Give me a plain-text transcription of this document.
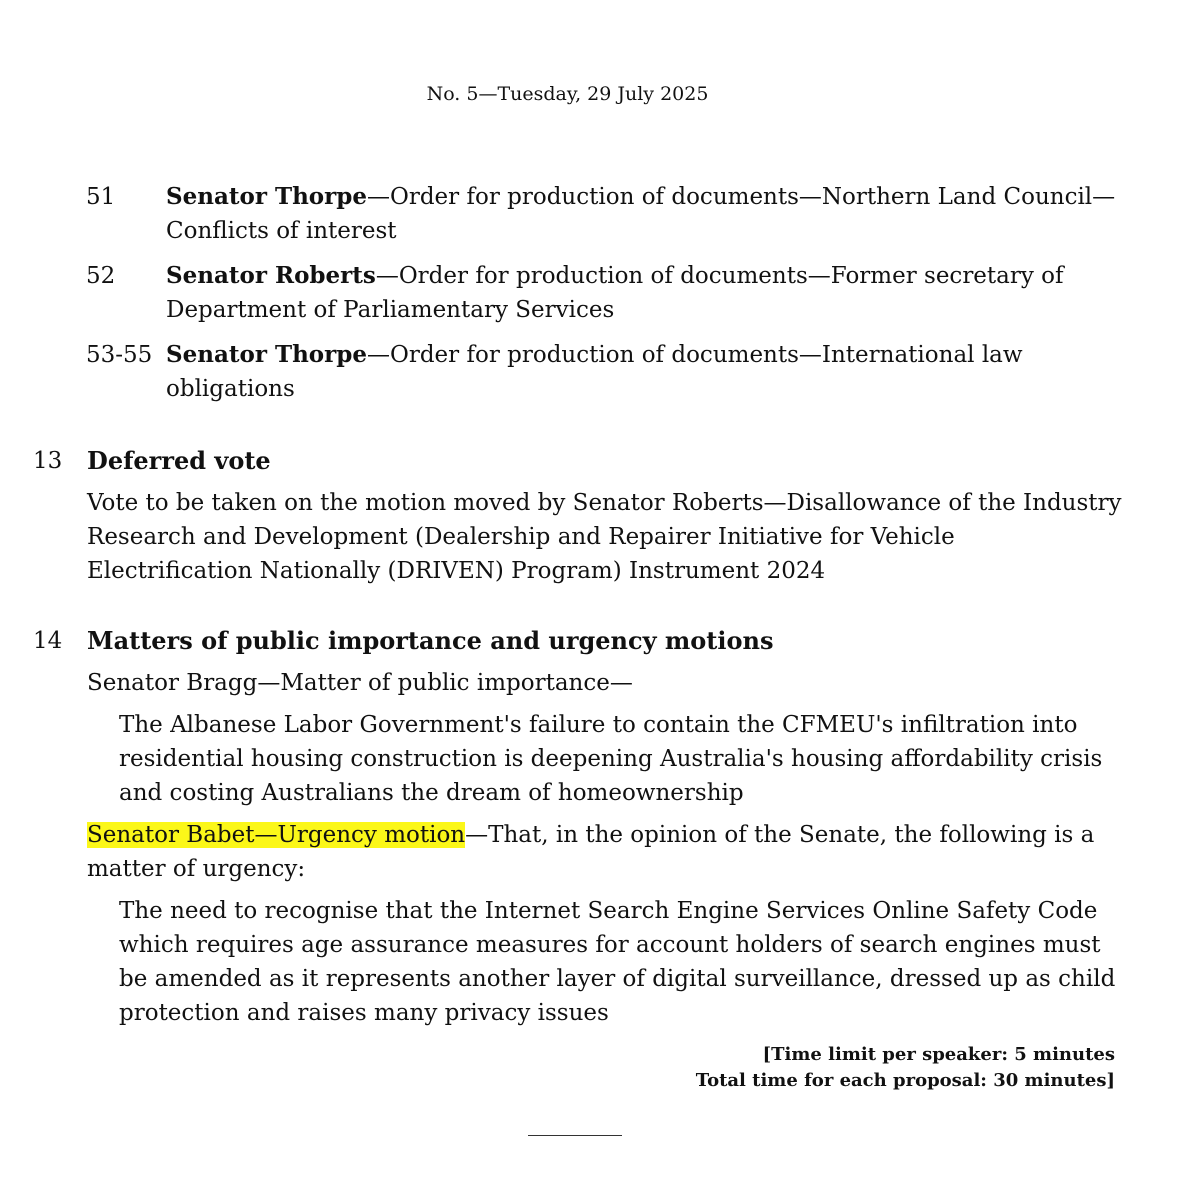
No. 5—Tuesday, 29 July 2025
51	Senator Thorpe—Order for production of documents—Northern Land Council—Conflicts of interest
52	Senator Roberts—Order for production of documents—Former secretary of Department of Parliamentary Services
53-55 Senator Thorpe—Order for production of documents—International law obligations
13	Deferred vote
Vote to be taken on the motion moved by Senator Roberts—Disallowance of the Industry Research and Development (Dealership and Repairer Initiative for Vehicle Electrification Nationally (DRIVEN) Program) Instrument 2024
14	Matters of public importance and urgency motions
Senator Bragg—Matter of public importance—
The Albanese Labor Government's failure to contain the CFMEU's infiltration into residential housing construction is deepening Australia's housing affordability crisis and costing Australians the dream of homeownership
Senator Babet—Urgency motion—That, in the opinion of the Senate, the following is a matter of urgency:
The need to recognise that the Internet Search Engine Services Online Safety Code which requires age assurance measures for account holders of search engines must be amended as it represents another layer of digital surveillance, dressed up as child protection and raises many privacy issues
[Time limit per speaker: 5 minutes
Total time for each proposal: 30 minutes]
